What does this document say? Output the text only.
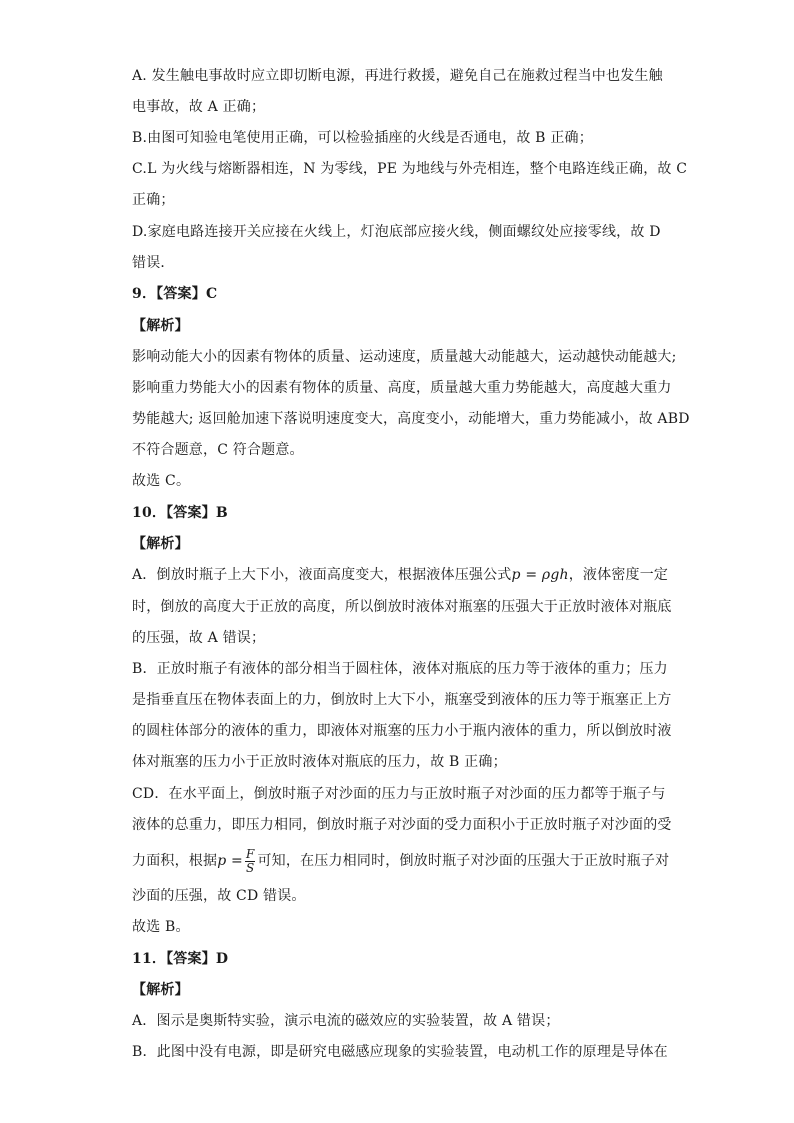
A. 发生触电事故时应立即切断电源，再进行救援，避免自己在施救过程当中也发生触
电事故，故 A 正确；
B.由图可知验电笔使用正确，可以检验插座的火线是否通电，故 B 正确；
C.L 为火线与熔断器相连，N 为零线，PE 为地线与外壳相连，整个电路连线正确，故 C
正确；
D.家庭电路连接开关应接在火线上，灯泡底部应接火线，侧面螺纹处应接零线，故 D
错误．
9．【答案】C
【解析】
影响动能大小的因素有物体的质量、运动速度，质量越大动能越大，运动越快动能越大;
影响重力势能大小的因素有物体的质量、高度，质量越大重力势能越大，高度越大重力
势能越大; 返回舱加速下落说明速度变大，高度变小，动能增大，重力势能减小，故 ABD
不符合题意，C 符合题意。
故选 C。
10．【答案】B
【解析】
A．倒放时瓶子上大下小，液面高度变大，根据液体压强公式p = ρgh，液体密度一定
时，倒放的高度大于正放的高度，所以倒放时液体对瓶塞的压强大于正放时液体对瓶底
的压强，故 A 错误；
B．正放时瓶子有液体的部分相当于圆柱体，液体对瓶底的压力等于液体的重力；压力
是指垂直压在物体表面上的力，倒放时上大下小，瓶塞受到液体的压力等于瓶塞正上方
的圆柱体部分的液体的重力，即液体对瓶塞的压力小于瓶内液体的重力，所以倒放时液
体对瓶塞的压力小于正放时液体对瓶底的压力，故 B 正确；
CD．在水平面上，倒放时瓶子对沙面的压力与正放时瓶子对沙面的压力都等于瓶子与
液体的总重力，即压力相同，倒放时瓶子对沙面的受力面积小于正放时瓶子对沙面的受
力面积，根据$p = \frac{F}{S}$ 可知，在压力相同时，倒放时瓶子对沙面的压强大于正放时瓶子对
沙面的压强，故 CD 错误。
故选 B。
11．【答案】D
【解析】
A．图示是奥斯特实验，演示电流的磁效应的实验装置，故 A 错误；
B．此图中没有电源，即是研究电磁感应现象的实验装置，电动机工作的原理是导体在
